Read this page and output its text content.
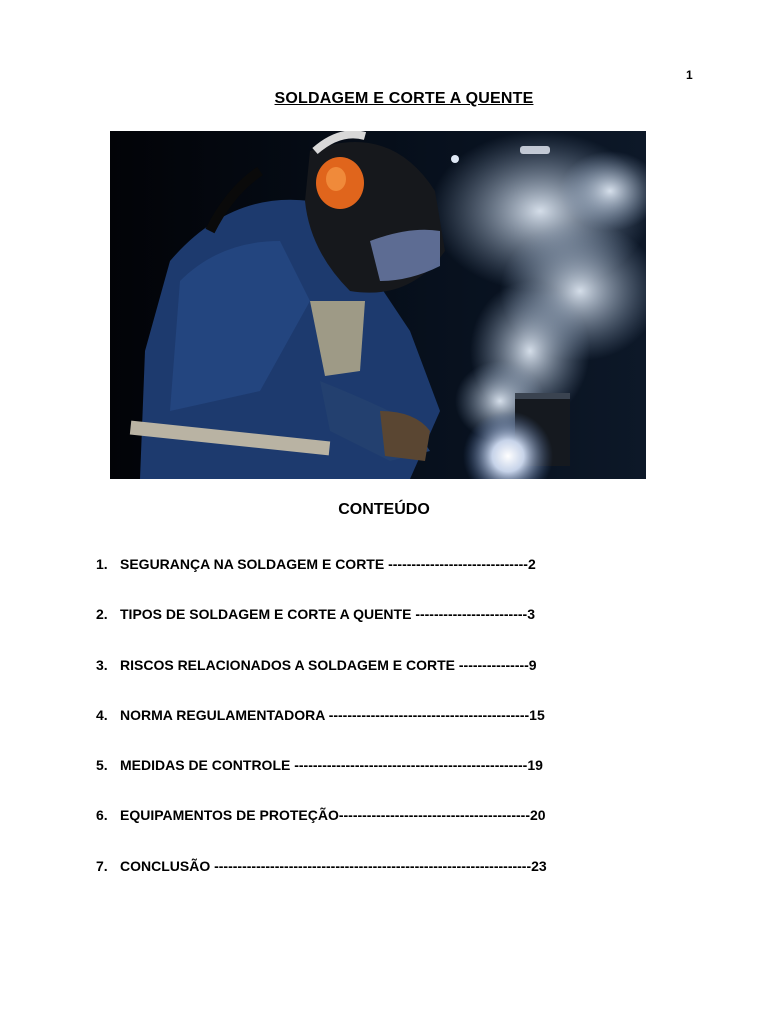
1
SOLDAGEM E CORTE A QUENTE
CONTEÚDO
1. SEGURANÇA NA SOLDAGEM E CORTE ------------------------------2
2. TIPOS DE SOLDAGEM E CORTE A QUENTE ------------------------3
3. RISCOS RELACIONADOS A SOLDAGEM E CORTE ---------------9
4. NORMA REGULAMENTADORA -------------------------------------------15
5. MEDIDAS DE CONTROLE --------------------------------------------------19
6. EQUIPAMENTOS DE PROTEÇÃO-----------------------------------------20
7. CONCLUSÃO --------------------------------------------------------------------23
